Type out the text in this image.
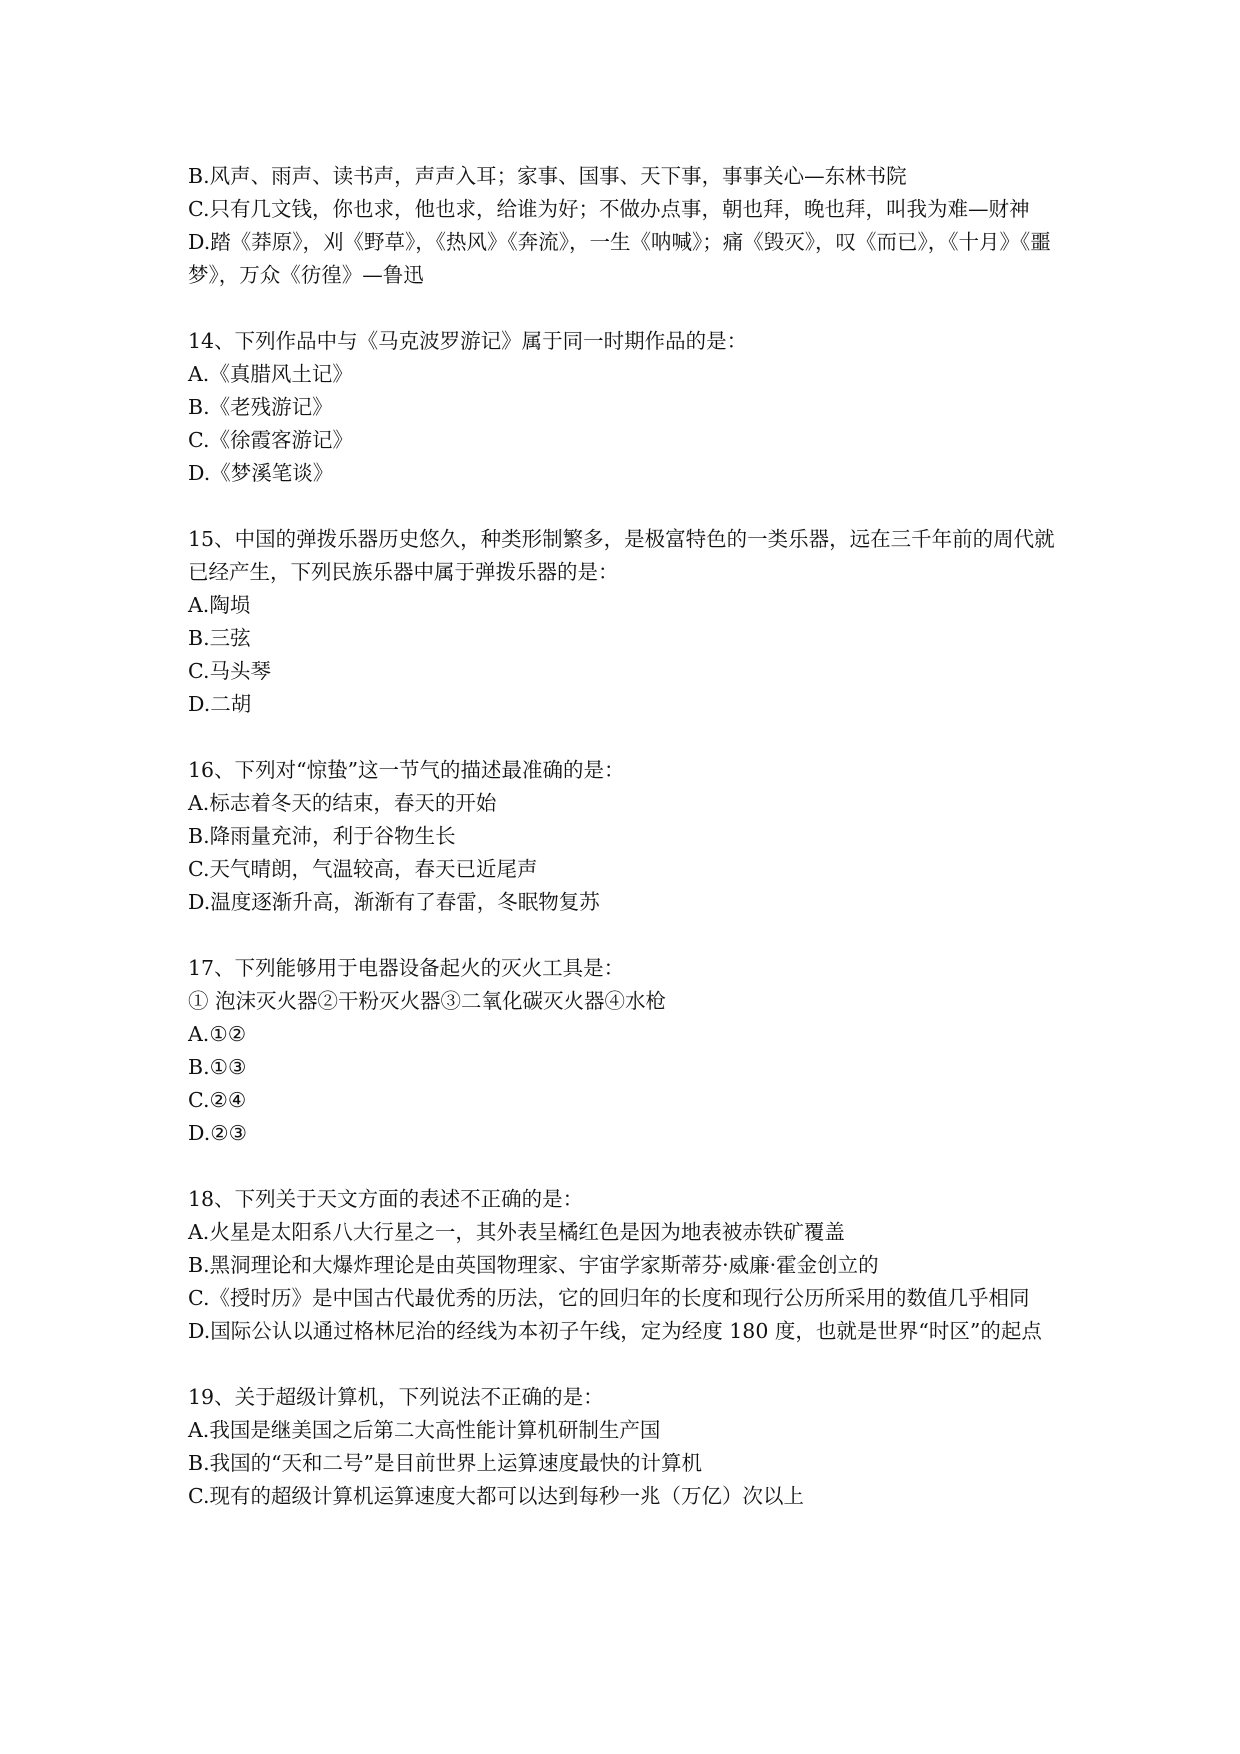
B.风声、雨声、读书声，声声入耳；家事、国事、天下事，事事关心—东林书院

C.只有几文钱，你也求，他也求，给谁为好；不做办点事，朝也拜，晚也拜，叫我为难—财神

D.踏《莽原》，刈《野草》，《热风》《奔流》，一生《呐喊》；痛《毁灭》，叹《而已》，《十月》《噩梦》，万众《彷徨》—鲁迅

14、下列作品中与《马克波罗游记》属于同一时期作品的是：

A.《真腊风土记》

B.《老残游记》

C.《徐霞客游记》

D.《梦溪笔谈》

15、中国的弹拨乐器历史悠久，种类形制繁多，是极富特色的一类乐器，远在三千年前的周代就已经产生，下列民族乐器中属于弹拨乐器的是：

A.陶埙

B.三弦

C.马头琴

D.二胡

16、下列对“惊蛰”这一节气的描述最准确的是：

A.标志着冬天的结束，春天的开始

B.降雨量充沛，利于谷物生长

C.天气晴朗，气温较高，春天已近尾声

D.温度逐渐升高，渐渐有了春雷，冬眠物复苏

17、下列能够用于电器设备起火的灭火工具是：

① 泡沫灭火器②干粉灭火器③二氧化碳灭火器④水枪

A.①②

B.①③

C.②④

D.②③

18、下列关于天文方面的表述不正确的是：

A.火星是太阳系八大行星之一，其外表呈橘红色是因为地表被赤铁矿覆盖

B.黑洞理论和大爆炸理论是由英国物理家、宇宙学家斯蒂芬·威廉·霍金创立的

C.《授时历》是中国古代最优秀的历法，它的回归年的长度和现行公历所采用的数值几乎相同

D.国际公认以通过格林尼治的经线为本初子午线，定为经度 180 度，也就是世界“时区”的起点

19、关于超级计算机，下列说法不正确的是：

A.我国是继美国之后第二大高性能计算机研制生产国

B.我国的“天和二号”是目前世界上运算速度最快的计算机

C.现有的超级计算机运算速度大都可以达到每秒一兆（万亿）次以上
